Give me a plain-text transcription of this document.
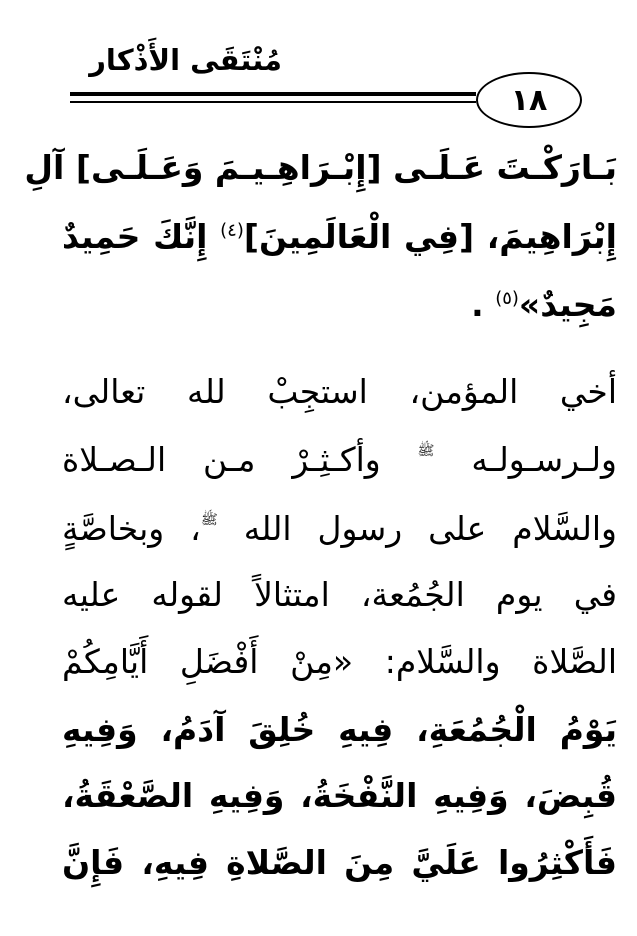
مُنْتَقَى الأَذْكار
١٨
بَـارَكْـتَ عَـلَـى [إِبْـرَاهِـيـمَ وَعَـلَـى] آلِ
إِبْرَاهِيمَ، [فِي الْعَالَمِينَ]$^{(٤)}$ إِنَّكَ حَمِيدٌ
مَجِيدٌ»$^{(٥)}$ .
أخي المؤمن، استجِبْ لله تعالى،
ولـرسـولـه ﷺ وأكـثِـرْ مـن الـصـلاة
والسَّلام على رسول الله ﷺ، وبخاصَّةٍ
في يوم الجُمُعة، امتثالاً لقوله عليه
الصَّلاة والسَّلام: «مِنْ أَفْضَلِ أَيَّامِكُمْ
يَوْمُ الْجُمُعَةِ، فِيهِ خُلِقَ آدَمُ، وَفِيهِ
قُبِضَ، وَفِيهِ النَّفْخَةُ، وَفِيهِ الصَّعْقَةُ،
فَأَكْثِرُوا عَلَيَّ مِنَ الصَّلاةِ فِيهِ، فَإِنَّ
